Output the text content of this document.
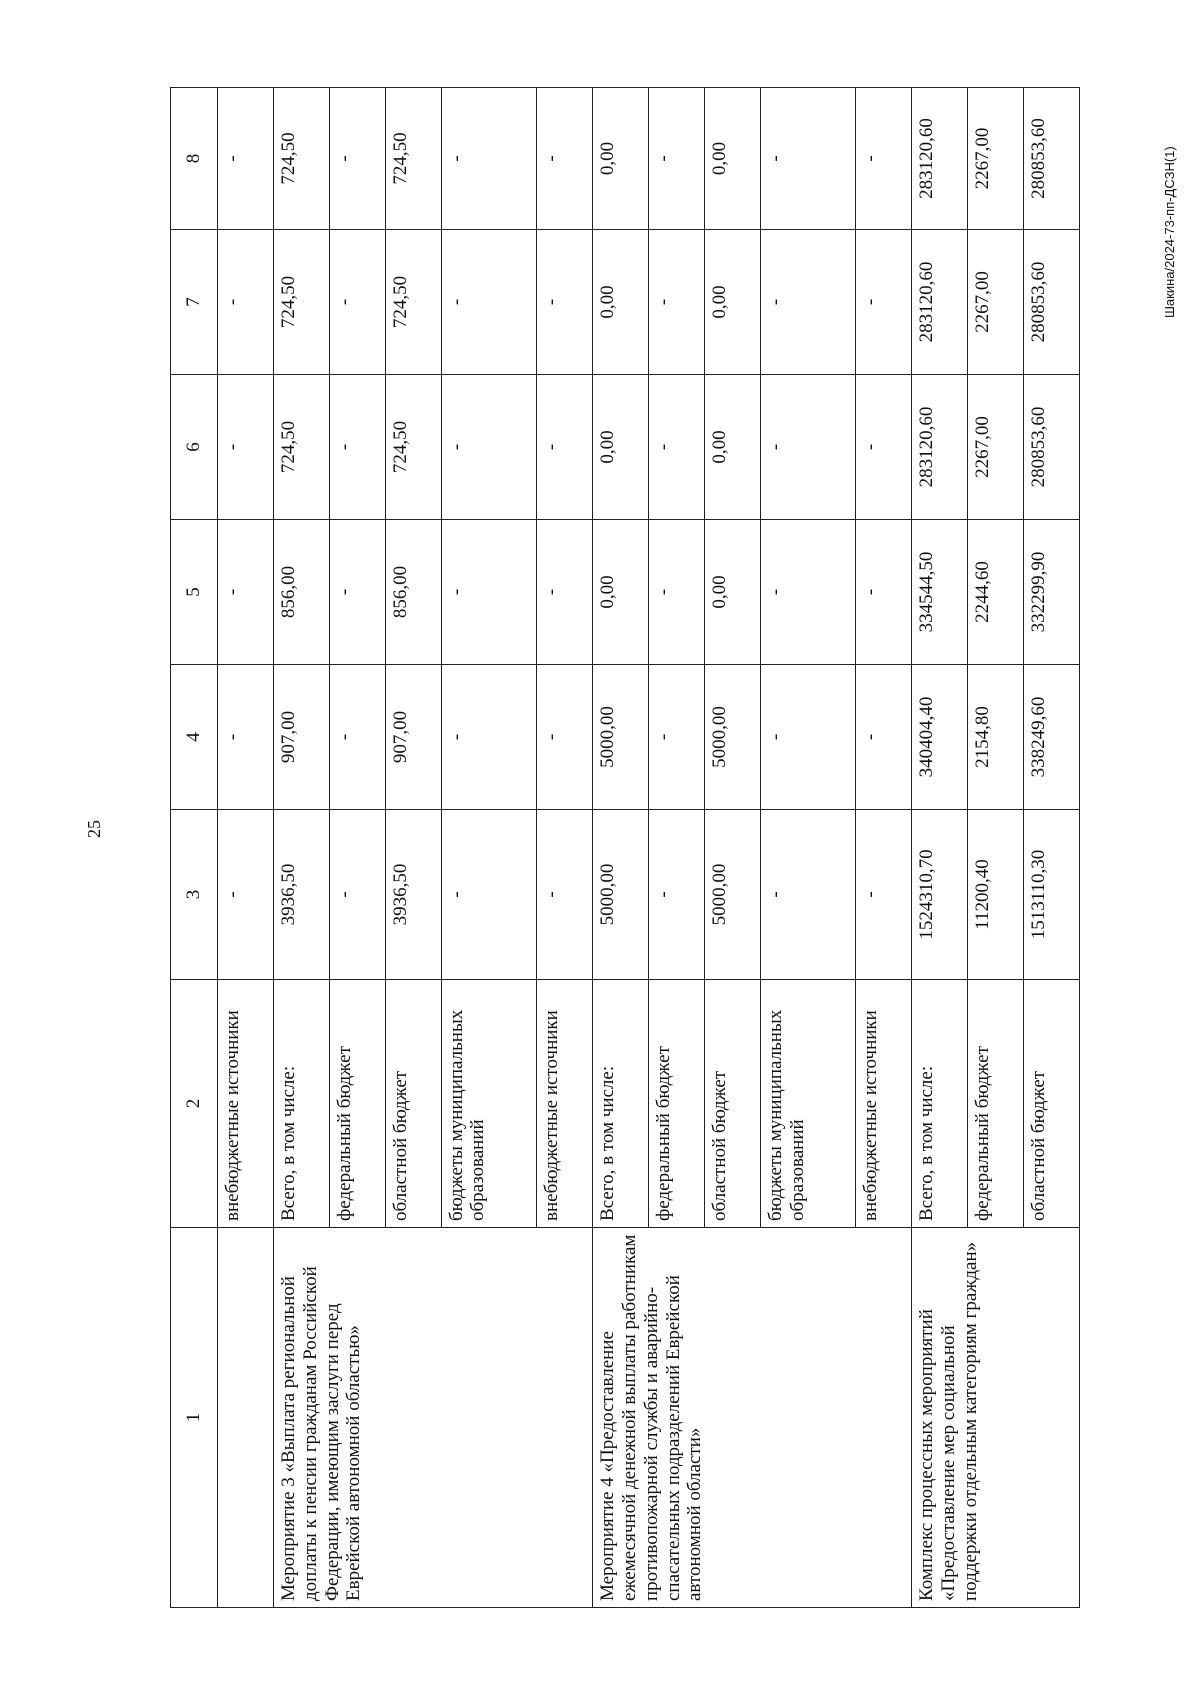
25
Шакина/2024-73-пп-ДСЗН(1)
1	2	3	4	5	6	7	8
	внебюджетные источники	-	-	-	-	-	-
Мероприятие 3 «Выплата региональной доплаты к пенсии гражданам Российской Федерации, имеющим заслуги перед Еврейской автономной областью»	Всего, в том числе:	3936,50	907,00	856,00	724,50	724,50	724,50
	федеральный бюджет	-	-	-	-	-	-
	областной бюджет	3936,50	907,00	856,00	724,50	724,50	724,50
	бюджеты муниципальных образований	-	-	-	-	-	-
	внебюджетные источники	-	-	-	-	-	-
Мероприятие 4 «Предоставление ежемесячной денежной выплаты работникам противопожарной службы и аварийно-спасательных подразделений Еврейской автономной области»	Всего, в том числе:	5000,00	5000,00	0,00	0,00	0,00	0,00
	федеральный бюджет	-	-	-	-	-	-
	областной бюджет	5000,00	5000,00	0,00	0,00	0,00	0,00
	бюджеты муниципальных образований	-	-	-	-	-	-
	внебюджетные источники	-	-	-	-	-	-
Комплекс процессных мероприятий «Предоставление мер социальной поддержки отдельным категориям граждан»	Всего, в том числе:	1524310,70	340404,40	334544,50	283120,60	283120,60	283120,60
	федеральный бюджет	11200,40	2154,80	2244,60	2267,00	2267,00	2267,00
	областной бюджет	1513110,30	338249,60	332299,90	280853,60	280853,60	280853,60
